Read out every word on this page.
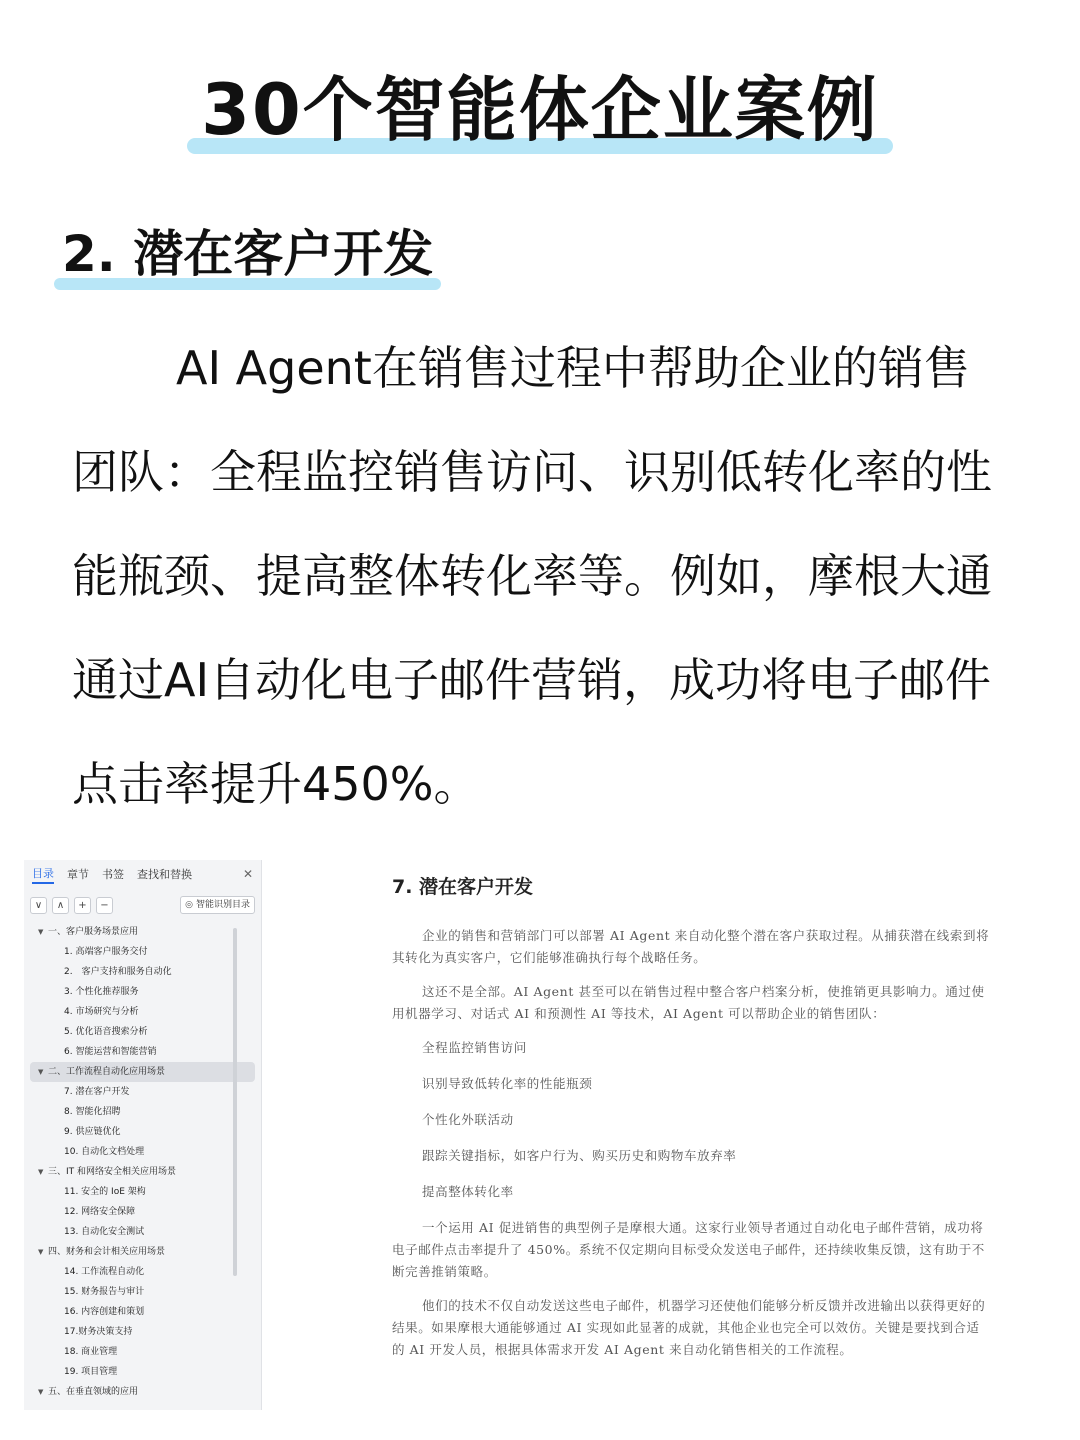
30个智能体企业案例
2. 潜在客户开发

AI Agent在销售过程中帮助企业的销售团队：全程监控销售访问、识别低转化率的性能瓶颈、提高整体转化率等。例如，摩根大通通过AI自动化电子邮件营销，成功将电子邮件点击率提升450%。

目录 章节 书签 查找和替换	✕
∨	∧	+	−	◎ 智能识别目录
▼ 一、客户服务场景应用
1. 高端客户服务交付
2.　客户支持和服务自动化
3. 个性化推荐服务
4. 市场研究与分析
5. 优化语音搜索分析
6. 智能运营和智能营销
▼ 二、工作流程自动化应用场景
7. 潜在客户开发
8. 智能化招聘
9. 供应链优化
10. 自动化文档处理
▼ 三、IT 和网络安全相关应用场景
11. 安全的 IoE 架构
12. 网络安全保障
13. 自动化安全测试
▼ 四、财务和会计相关应用场景
14. 工作流程自动化
15. 财务报告与审计
16. 内容创建和策划
17.财务决策支持
18. 商业管理
19. 项目管理
▼ 五、在垂直领域的应用
7. 潜在客户开发

企业的销售和营销部门可以部署 AI Agent 来自动化整个潜在客户获取过程。从捕获潜在线索到将其转化为真实客户，它们能够准确执行每个战略任务。

这还不是全部。AI Agent 甚至可以在销售过程中整合客户档案分析，使推销更具影响力。通过使用机器学习、对话式 AI 和预测性 AI 等技术，AI Agent 可以帮助企业的销售团队：

全程监控销售访问
识别导致低转化率的性能瓶颈
个性化外联活动
跟踪关键指标，如客户行为、购买历史和购物车放弃率
提高整体转化率

一个运用 AI 促进销售的典型例子是摩根大通。这家行业领导者通过自动化电子邮件营销，成功将电子邮件点击率提升了 450%。系统不仅定期向目标受众发送电子邮件，还持续收集反馈，这有助于不断完善推销策略。

他们的技术不仅自动发送这些电子邮件，机器学习还使他们能够分析反馈并改进输出以获得更好的结果。如果摩根大通能够通过 AI 实现如此显著的成就，其他企业也完全可以效仿。关键是要找到合适的 AI 开发人员，根据具体需求开发 AI Agent 来自动化销售相关的工作流程。
